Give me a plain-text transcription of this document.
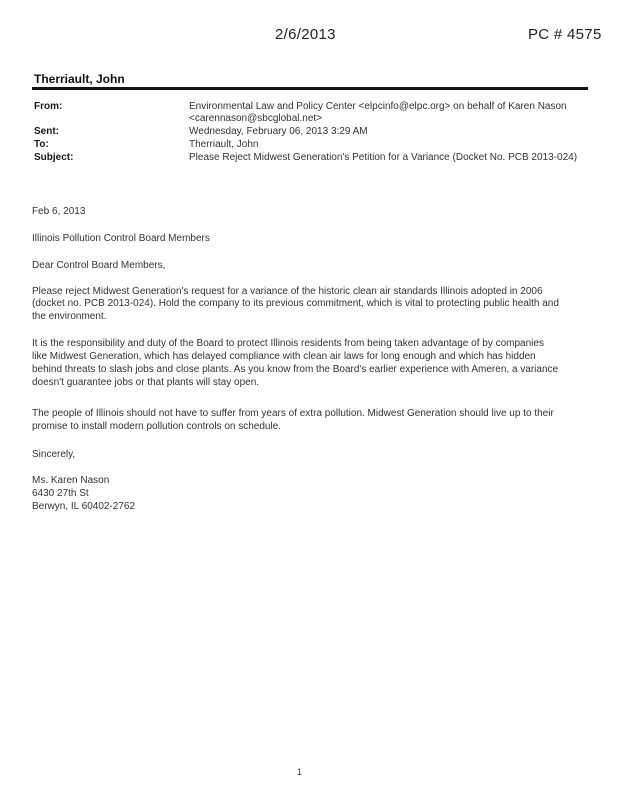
2/6/2013	PC # 4575
Therriault, John
From:	Environmental Law and Policy Center <elpcinfo@elpc.org> on behalf of Karen Nason
<carennason@sbcglobal.net>
Sent:	Wednesday, February 06, 2013 3:29 AM
To:	Therriault, John
Subject:	Please Reject Midwest Generation's Petition for a Variance (Docket No. PCB 2013-024)
Feb 6, 2013
Illinois Pollution Control Board Members
Dear Control Board Members,
Please reject Midwest Generation's request for a variance of the historic clean air standards Illinois adopted in 2006
(docket no. PCB 2013-024). Hold the company to its previous commitment, which is vital to protecting public health and
the environment.
It is the responsibility and duty of the Board to protect Illinois residents from being taken advantage of by companies
like Midwest Generation, which has delayed compliance with clean air laws for long enough and which has hidden
behind threats to slash jobs and close plants. As you know from the Board's earlier experience with Ameren, a variance
doesn't guarantee jobs or that plants will stay open.
The people of Illinois should not have to suffer from years of extra pollution. Midwest Generation should live up to their
promise to install modern pollution controls on schedule.
Sincerely,
Ms. Karen Nason
6430 27th St
Berwyn, IL 60402-2762
1
